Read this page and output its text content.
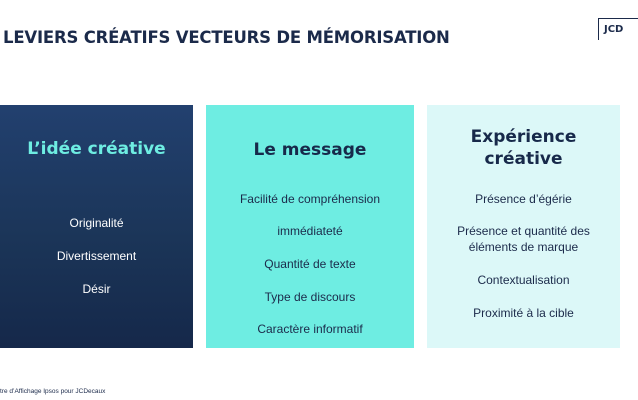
LEVIERS CRÉATIFS VECTEURS DE MÉMORISATION	JCD
L’idée créative
Originalité
Divertissement
Désir
Le message
Facilité de compréhension
immédiateté
Quantité de texte
Type de discours
Caractère informatif
Expérience
créative
Présence d’égérie
Présence et quantité des
éléments de marque
Contextualisation
Proximité à la cible
tre d’Affichage Ipsos pour JCDecaux
